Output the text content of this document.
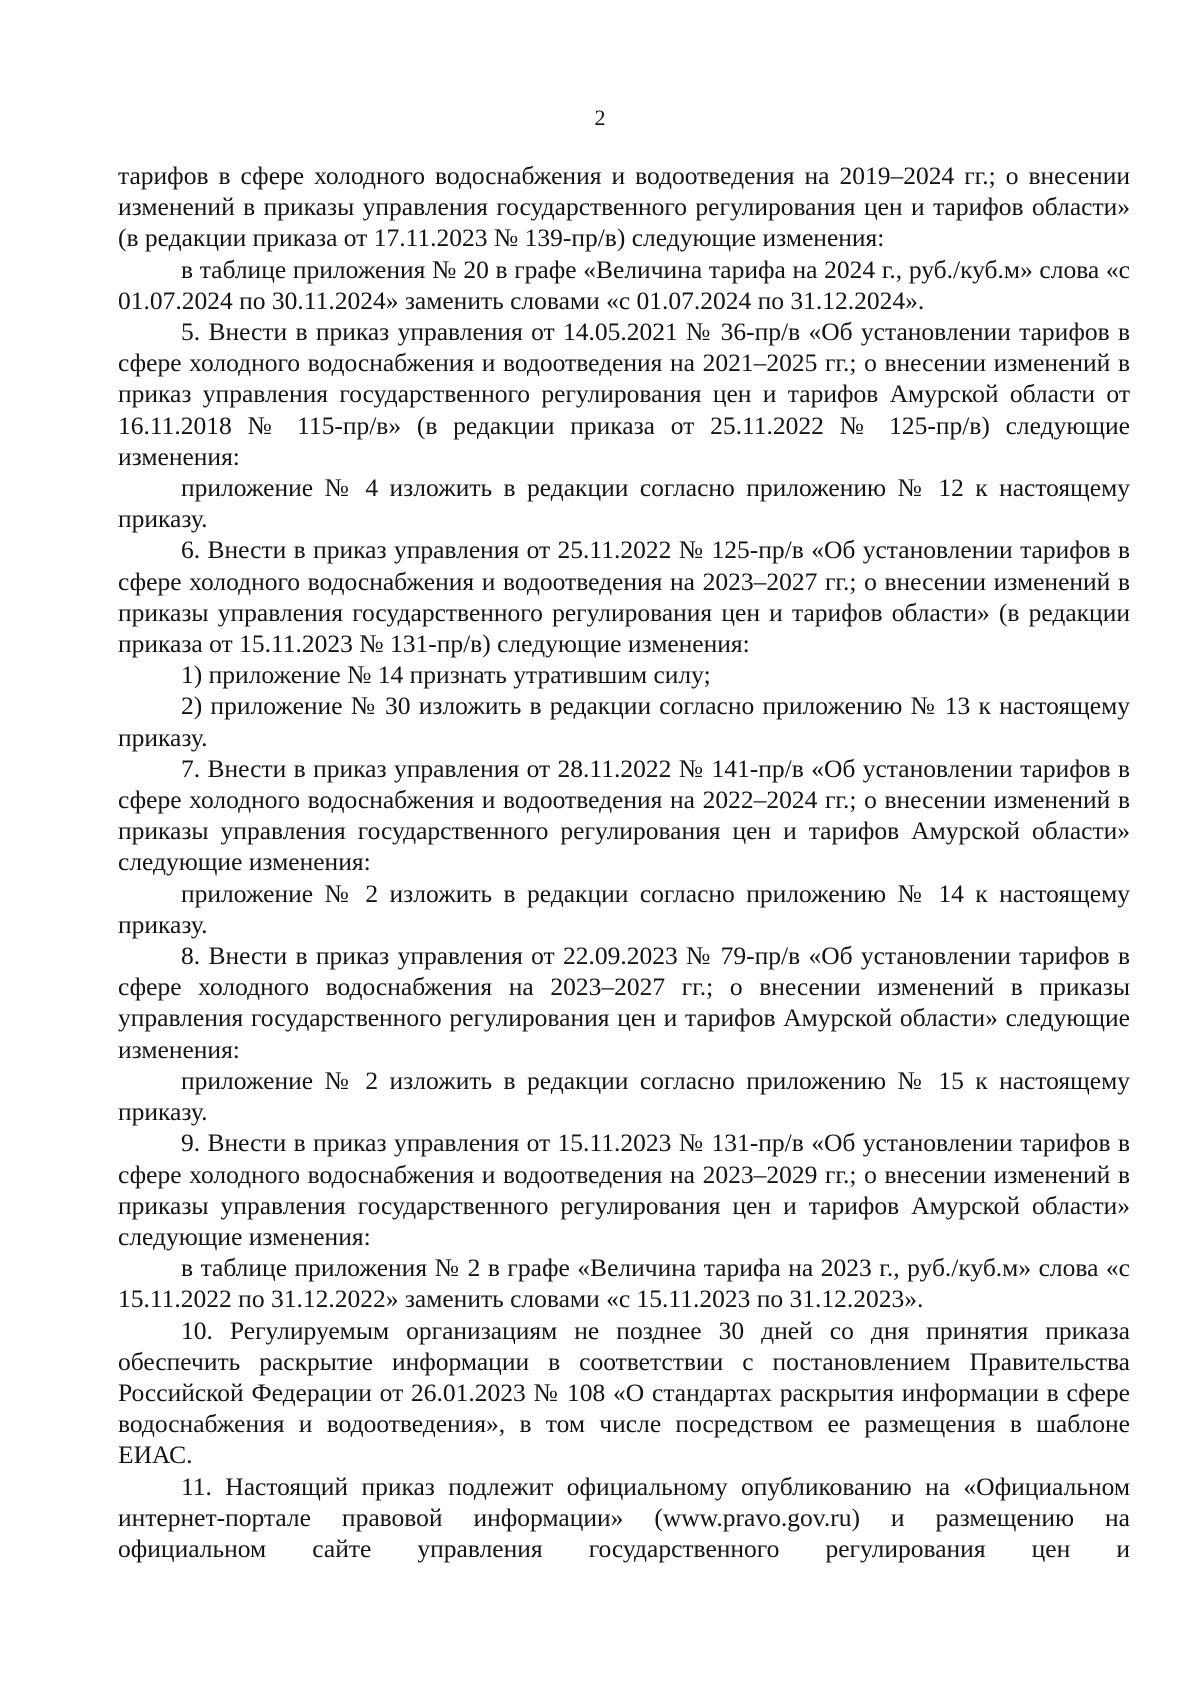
2

тарифов в сфере холодного водоснабжения и водоотведения на 2019–2024 гг.; о внесении изменений в приказы управления государственного регулирования цен и тарифов области» (в редакции приказа от 17.11.2023 № 139-пр/в) следующие изменения:

в таблице приложения № 20 в графе «Величина тарифа на 2024 г., руб./куб.м» слова «с 01.07.2024 по 30.11.2024» заменить словами «с 01.07.2024 по 31.12.2024».

5. Внести в приказ управления от 14.05.2021 № 36-пр/в «Об установлении тарифов в сфере холодного водоснабжения и водоотведения на 2021–2025 гг.; о внесении изменений в приказ управления государственного регулирования цен и тарифов Амурской области от 16.11.2018 № 115-пр/в» (в редакции приказа от 25.11.2022 № 125-пр/в) следующие изменения:

приложение № 4 изложить в редакции согласно приложению № 12 к настоящему приказу.

6. Внести в приказ управления от 25.11.2022 № 125-пр/в «Об установлении тарифов в сфере холодного водоснабжения и водоотведения на 2023–2027 гг.; о внесении изменений в приказы управления государственного регулирования цен и тарифов области» (в редакции приказа от 15.11.2023 № 131-пр/в) следующие изменения:

1) приложение № 14 признать утратившим силу;

2) приложение № 30 изложить в редакции согласно приложению № 13 к настоящему приказу.

7. Внести в приказ управления от 28.11.2022 № 141-пр/в «Об установлении тарифов в сфере холодного водоснабжения и водоотведения на 2022–2024 гг.; о внесении изменений в приказы управления государственного регулирования цен и тарифов Амурской области» следующие изменения:

приложение № 2 изложить в редакции согласно приложению № 14 к настоящему приказу.

8. Внести в приказ управления от 22.09.2023 № 79-пр/в «Об установлении тарифов в сфере холодного водоснабжения на 2023–2027 гг.; о внесении изменений в приказы управления государственного регулирования цен и тарифов Амурской области» следующие изменения:

приложение № 2 изложить в редакции согласно приложению № 15 к настоящему приказу.

9. Внести в приказ управления от 15.11.2023 № 131-пр/в «Об установлении тарифов в сфере холодного водоснабжения и водоотведения на 2023–2029 гг.; о внесении изменений в приказы управления государственного регулирования цен и тарифов Амурской области» следующие изменения:

в таблице приложения № 2 в графе «Величина тарифа на 2023 г., руб./куб.м» слова «с 15.11.2022 по 31.12.2022» заменить словами «с 15.11.2023 по 31.12.2023».

10. Регулируемым организациям не позднее 30 дней со дня принятия приказа обеспечить раскрытие информации в соответствии с постановлением Правительства Российской Федерации от 26.01.2023 № 108 «О стандартах раскрытия информации в сфере водоснабжения и водоотведения», в том числе посредством ее размещения в шаблоне ЕИАС.

11. Настоящий приказ подлежит официальному опубликованию на «Официальном интернет-портале правовой информации» (www.pravo.gov.ru) и размещению на официальном сайте управления государственного регулирования цен и
